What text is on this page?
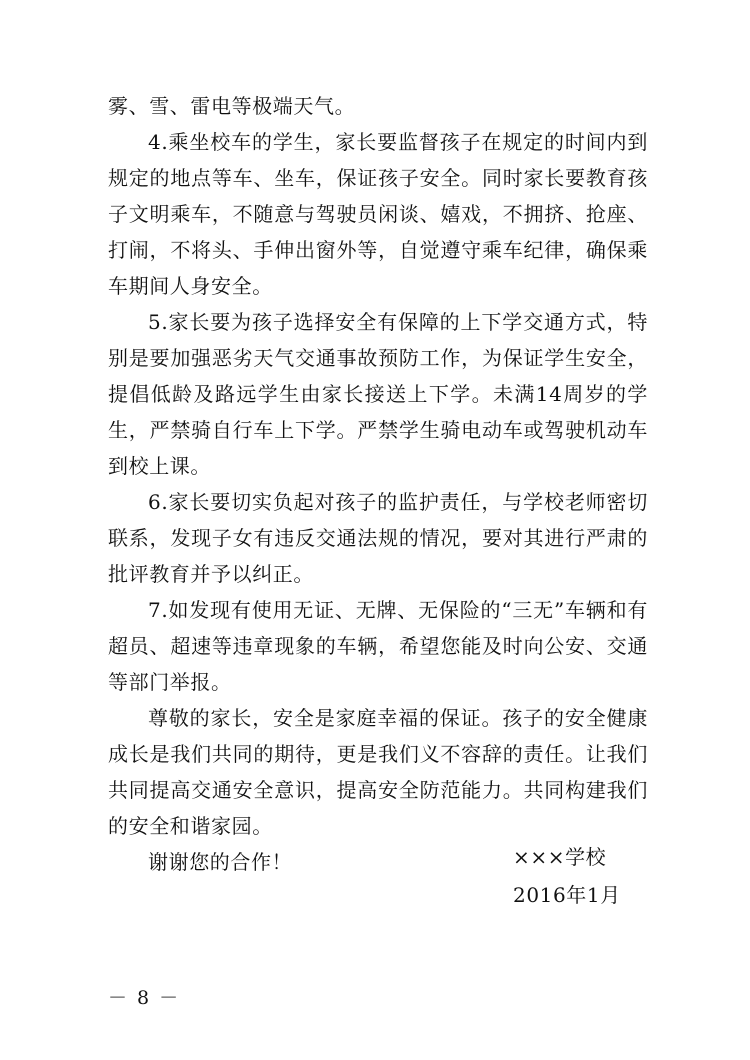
雾、雪、雷电等极端天气。

4.乘坐校车的学生，家长要监督孩子在规定的时间内到规定的地点等车、坐车，保证孩子安全。同时家长要教育孩子文明乘车，不随意与驾驶员闲谈、嬉戏，不拥挤、抢座、打闹，不将头、手伸出窗外等，自觉遵守乘车纪律，确保乘车期间人身安全。

5.家长要为孩子选择安全有保障的上下学交通方式，特别是要加强恶劣天气交通事故预防工作，为保证学生安全，提倡低龄及路远学生由家长接送上下学。未满14周岁的学生，严禁骑自行车上下学。严禁学生骑电动车或驾驶机动车到校上课。

6.家长要切实负起对孩子的监护责任，与学校老师密切联系，发现子女有违反交通法规的情况，要对其进行严肃的批评教育并予以纠正。

7.如发现有使用无证、无牌、无保险的“三无”车辆和有超员、超速等违章现象的车辆，希望您能及时向公安、交通等部门举报。

尊敬的家长，安全是家庭幸福的保证。孩子的安全健康成长是我们共同的期待，更是我们义不容辞的责任。让我们共同提高交通安全意识，提高安全防范能力。共同构建我们的安全和谐家园。

谢谢您的合作！	×××学校

2016年1月

－ 8 －
